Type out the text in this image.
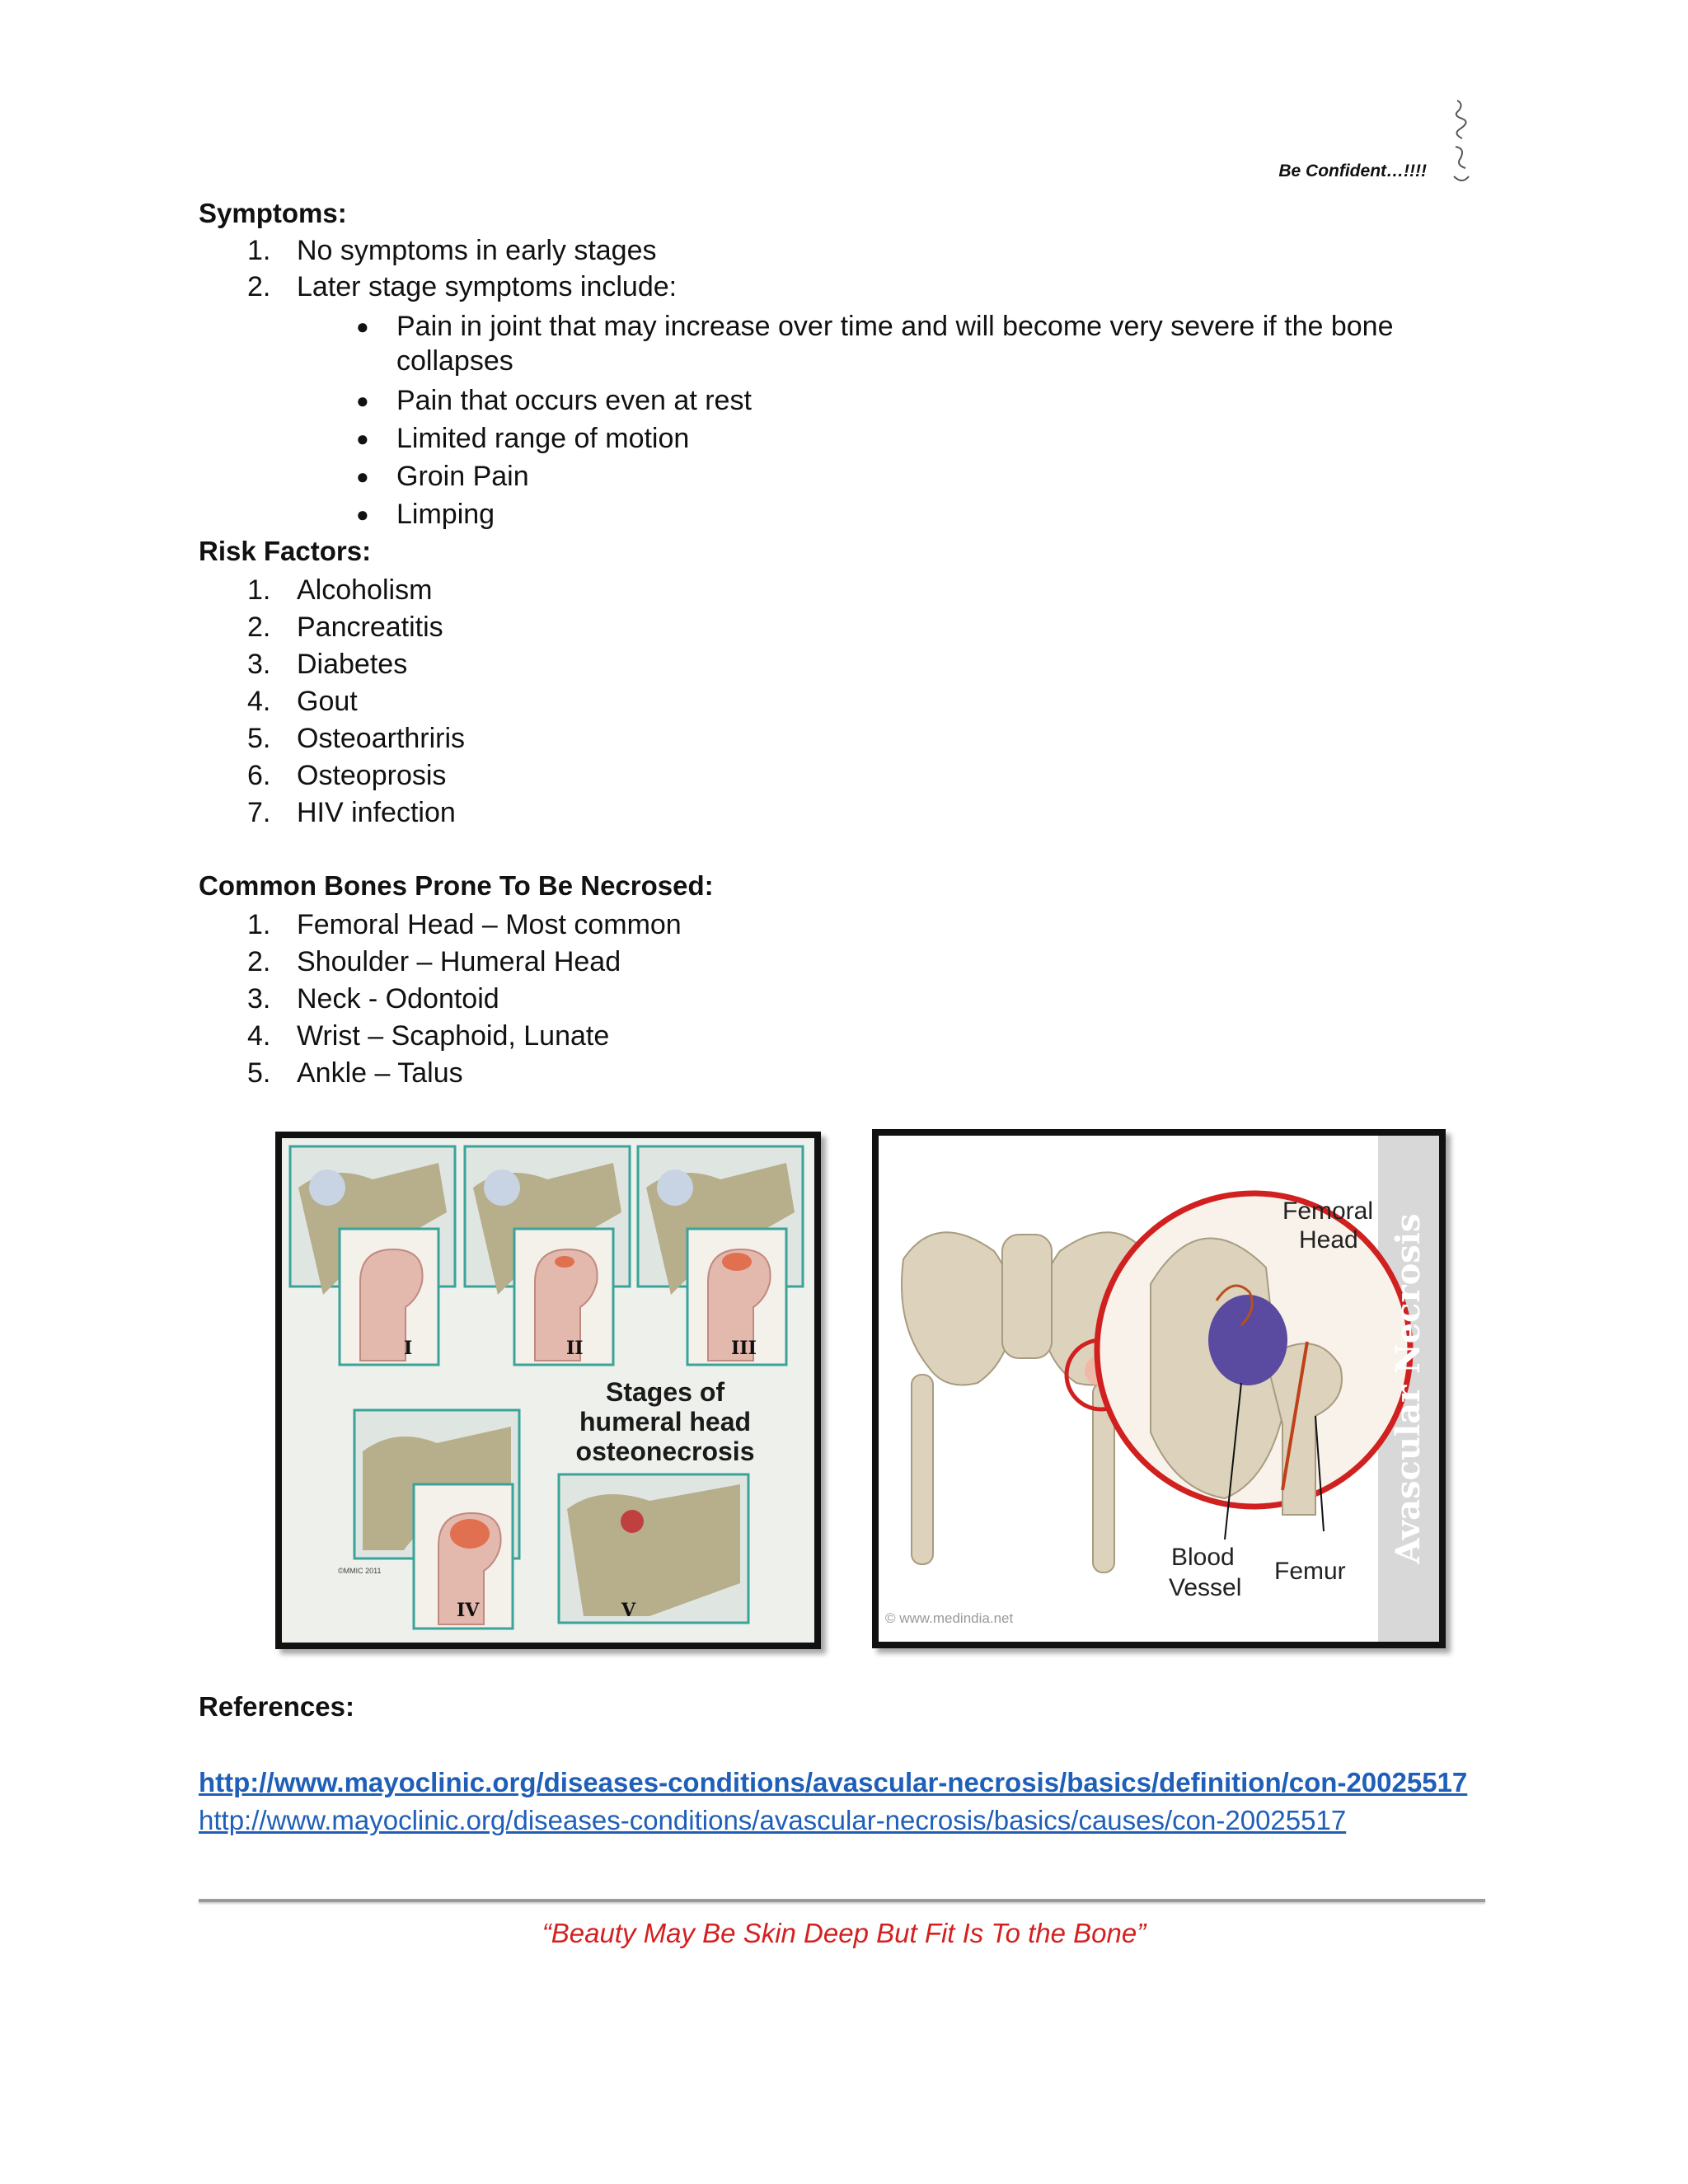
Be Confident…!!!!
Symptoms:
1. No symptoms in early stages
2. Later stage symptoms include:
● Pain in joint that may increase over time and will become very severe if the bone
collapses
● Pain that occurs even at rest
● Limited range of motion
● Groin Pain
● Limping
Risk Factors:
1. Alcoholism
2. Pancreatitis
3. Diabetes
4. Gout
5. Osteoarthriris
6. Osteoprosis
7. HIV infection
Common Bones Prone To Be Necrosed:
1. Femoral Head – Most common
2. Shoulder – Humeral Head
3. Neck - Odontoid
4. Wrist – Scaphoid, Lunate
5. Ankle – Talus
I	II	III
IV	V
Stages of
humeral head
osteonecrosis
©MMIC 2011
Femoral
Head
Blood
Vessel
Femur
Avascular Necrosis
© www.medindia.net
References:
http://www.mayoclinic.org/diseases-conditions/avascular-necrosis/basics/definition/con-20025517
http://www.mayoclinic.org/diseases-conditions/avascular-necrosis/basics/causes/con-20025517
“Beauty May Be Skin Deep But Fit Is To the Bone”
